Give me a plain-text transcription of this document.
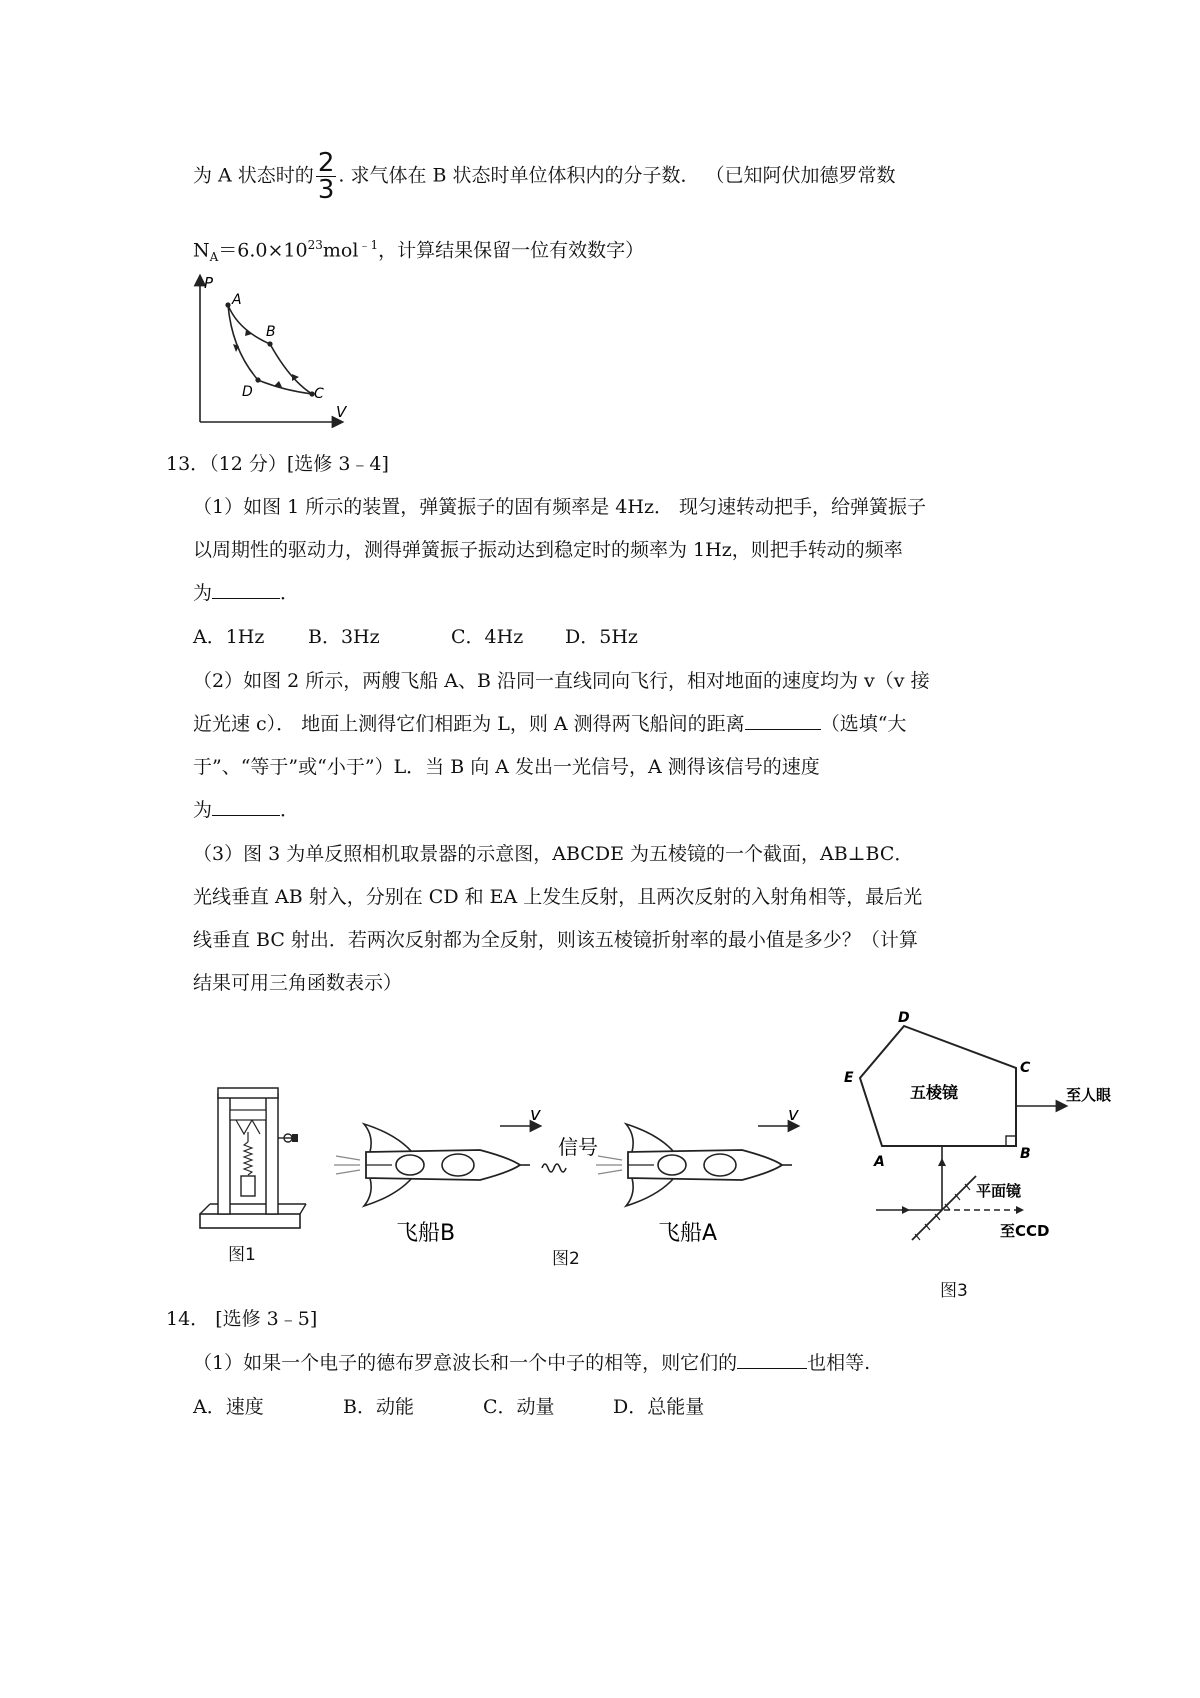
为 A 状态时的 $\frac{2}{3}$ . 求气体在 B 状态时单位体积内的分子数． （已知阿伏加德罗常数
$N_A=6.0\times 10^{23}mol^{﹣1}$，计算结果保留一位有效数字）
P
V
A
B
C
D
13．（12 分）[选修 3﹣4]
（1）如图 1 所示的装置，弹簧振子的固有频率是 4Hz． 现匀速转动把手，给弹簧振子
以周期性的驱动力，测得弹簧振子振动达到稳定时的频率为 1Hz，则把手转动的频率
为	．
A．1Hz B．3Hz	C．4Hz D．5Hz
（2）如图 2 所示，两艘飞船 A、B 沿同一直线同向飞行，相对地面的速度均为 v（v 接
近光速 c）． 地面上测得它们相距为 L，则 A 测得两飞船间的距离	（选填“大
于”、“等于”或“小于”）L．当 B 向 A 发出一光信号，A 测得该信号的速度
为	．
（3）图 3 为单反照相机取景器的示意图，ABCDE 为五棱镜的一个截面，AB⊥BC．
光线垂直 AB 射入，分别在 CD 和 EA 上发生反射，且两次反射的入射角相等，最后光
线垂直 BC 射出．若两次反射都为全反射，则该五棱镜折射率的最小值是多少？（计算
结果可用三角函数表示）
图1
飞船B
v
信号
飞船A
v
图2
五棱镜
A	B
C
D
E
至人眼
平面镜
至CCD
图3
14． [选修 3﹣5]
（1）如果一个电子的德布罗意波长和一个中子的相等，则它们的	也相等.
A．速度	B．动能	C．动量	D．总能量
